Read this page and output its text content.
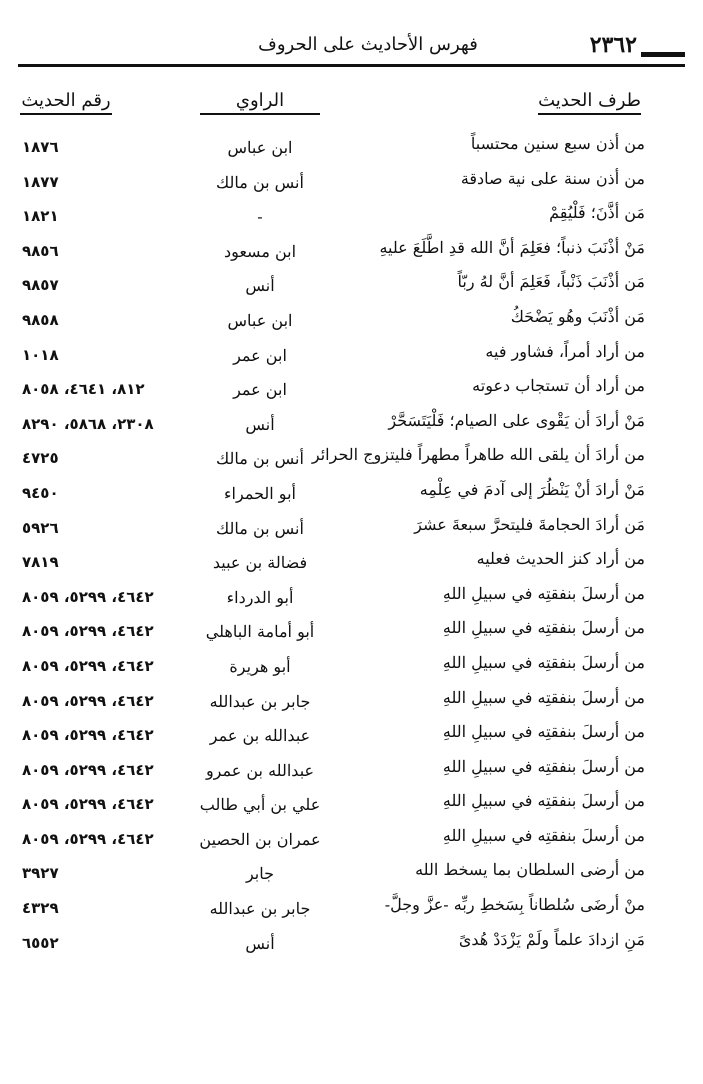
٢٣٦٢
فهرس الأحاديث على الحروف
طرف الحديث
الراوي
رقم الحديث
من أذن سبع سنين محتسباً
ابن عباس
١٨٧٦
من أذن سنة على نية صادقة
أنس بن مالك
١٨٧٧
مَن أذَّنَ؛ فَلْيُقِمْ
-
١٨٢١
مَنْ أذْنَبَ ذنباً؛ فعَلِمَ أنَّ الله قدِ اطَّلَعَ عليهِ
ابن مسعود
٩٨٥٦
مَن أذْنَبَ ذَنْباً، فَعَلِمَ أنَّ لهُ ربّاً
أنس
٩٨٥٧
مَن أذْنَبَ وهُو يَضْحَكُ
ابن عباس
٩٨٥٨
من أراد أمراً، فشاور فيه
ابن عمر
١٠١٨
من أراد أن تستجاب دعوته
ابن عمر
٨١٢، ٤٦٤١، ٨٠٥٨
مَنْ أرادَ أن يَقْوى على الصيام؛ فَلْيَتَسَحَّرْ
أنس
٢٣٠٨، ٥٨٦٨، ٨٢٩٠
من أرادَ أن يلقى الله طاهراً مطهراً فليتزوج الحرائر
أنس بن مالك
٤٧٢٥
مَنْ أرادَ أنْ يَنْظُرَ إلى آدمَ في عِلْمِه
أبو الحمراء
٩٤٥٠
مَن أرادَ الحجامةَ فليتحرَّ سبعةَ عشرَ
أنس بن مالك
٥٩٢٦
من أراد كنز الحديث فعليه
فضالة بن عبيد
٧٨١٩
من أرسلَ بنفقتِه في سبيلِ اللهِ
أبو الدرداء
٤٦٤٢، ٥٢٩٩، ٨٠٥٩
من أرسلَ بنفقتِه في سبيلِ اللهِ
أبو أمامة الباهلي
٤٦٤٢، ٥٢٩٩، ٨٠٥٩
من أرسلَ بنفقتِه في سبيلِ اللهِ
أبو هريرة
٤٦٤٢، ٥٢٩٩، ٨٠٥٩
من أرسلَ بنفقتِه في سبيلِ اللهِ
جابر بن عبدالله
٤٦٤٢، ٥٢٩٩، ٨٠٥٩
من أرسلَ بنفقتِه في سبيلِ اللهِ
عبدالله بن عمر
٤٦٤٢، ٥٢٩٩، ٨٠٥٩
من أرسلَ بنفقتِه في سبيلِ اللهِ
عبدالله بن عمرو
٤٦٤٢، ٥٢٩٩، ٨٠٥٩
من أرسلَ بنفقتِه في سبيلِ اللهِ
علي بن أبي طالب
٤٦٤٢، ٥٢٩٩، ٨٠٥٩
من أرسلَ بنفقتِه في سبيلِ اللهِ
عمران بن الحصين
٤٦٤٢، ٥٢٩٩، ٨٠٥٩
من أرضى السلطان بما يسخط الله
جابر
٣٩٢٧
منْ أرضَى سُلطاناً بِسَخطِ ربِّه -عزَّ وجلَّ-
جابر بن عبدالله
٤٣٢٩
مَنِ ازدادَ علماً ولَمْ يَزْدَدْ هُدىً
أنس
٦٥٥٢
